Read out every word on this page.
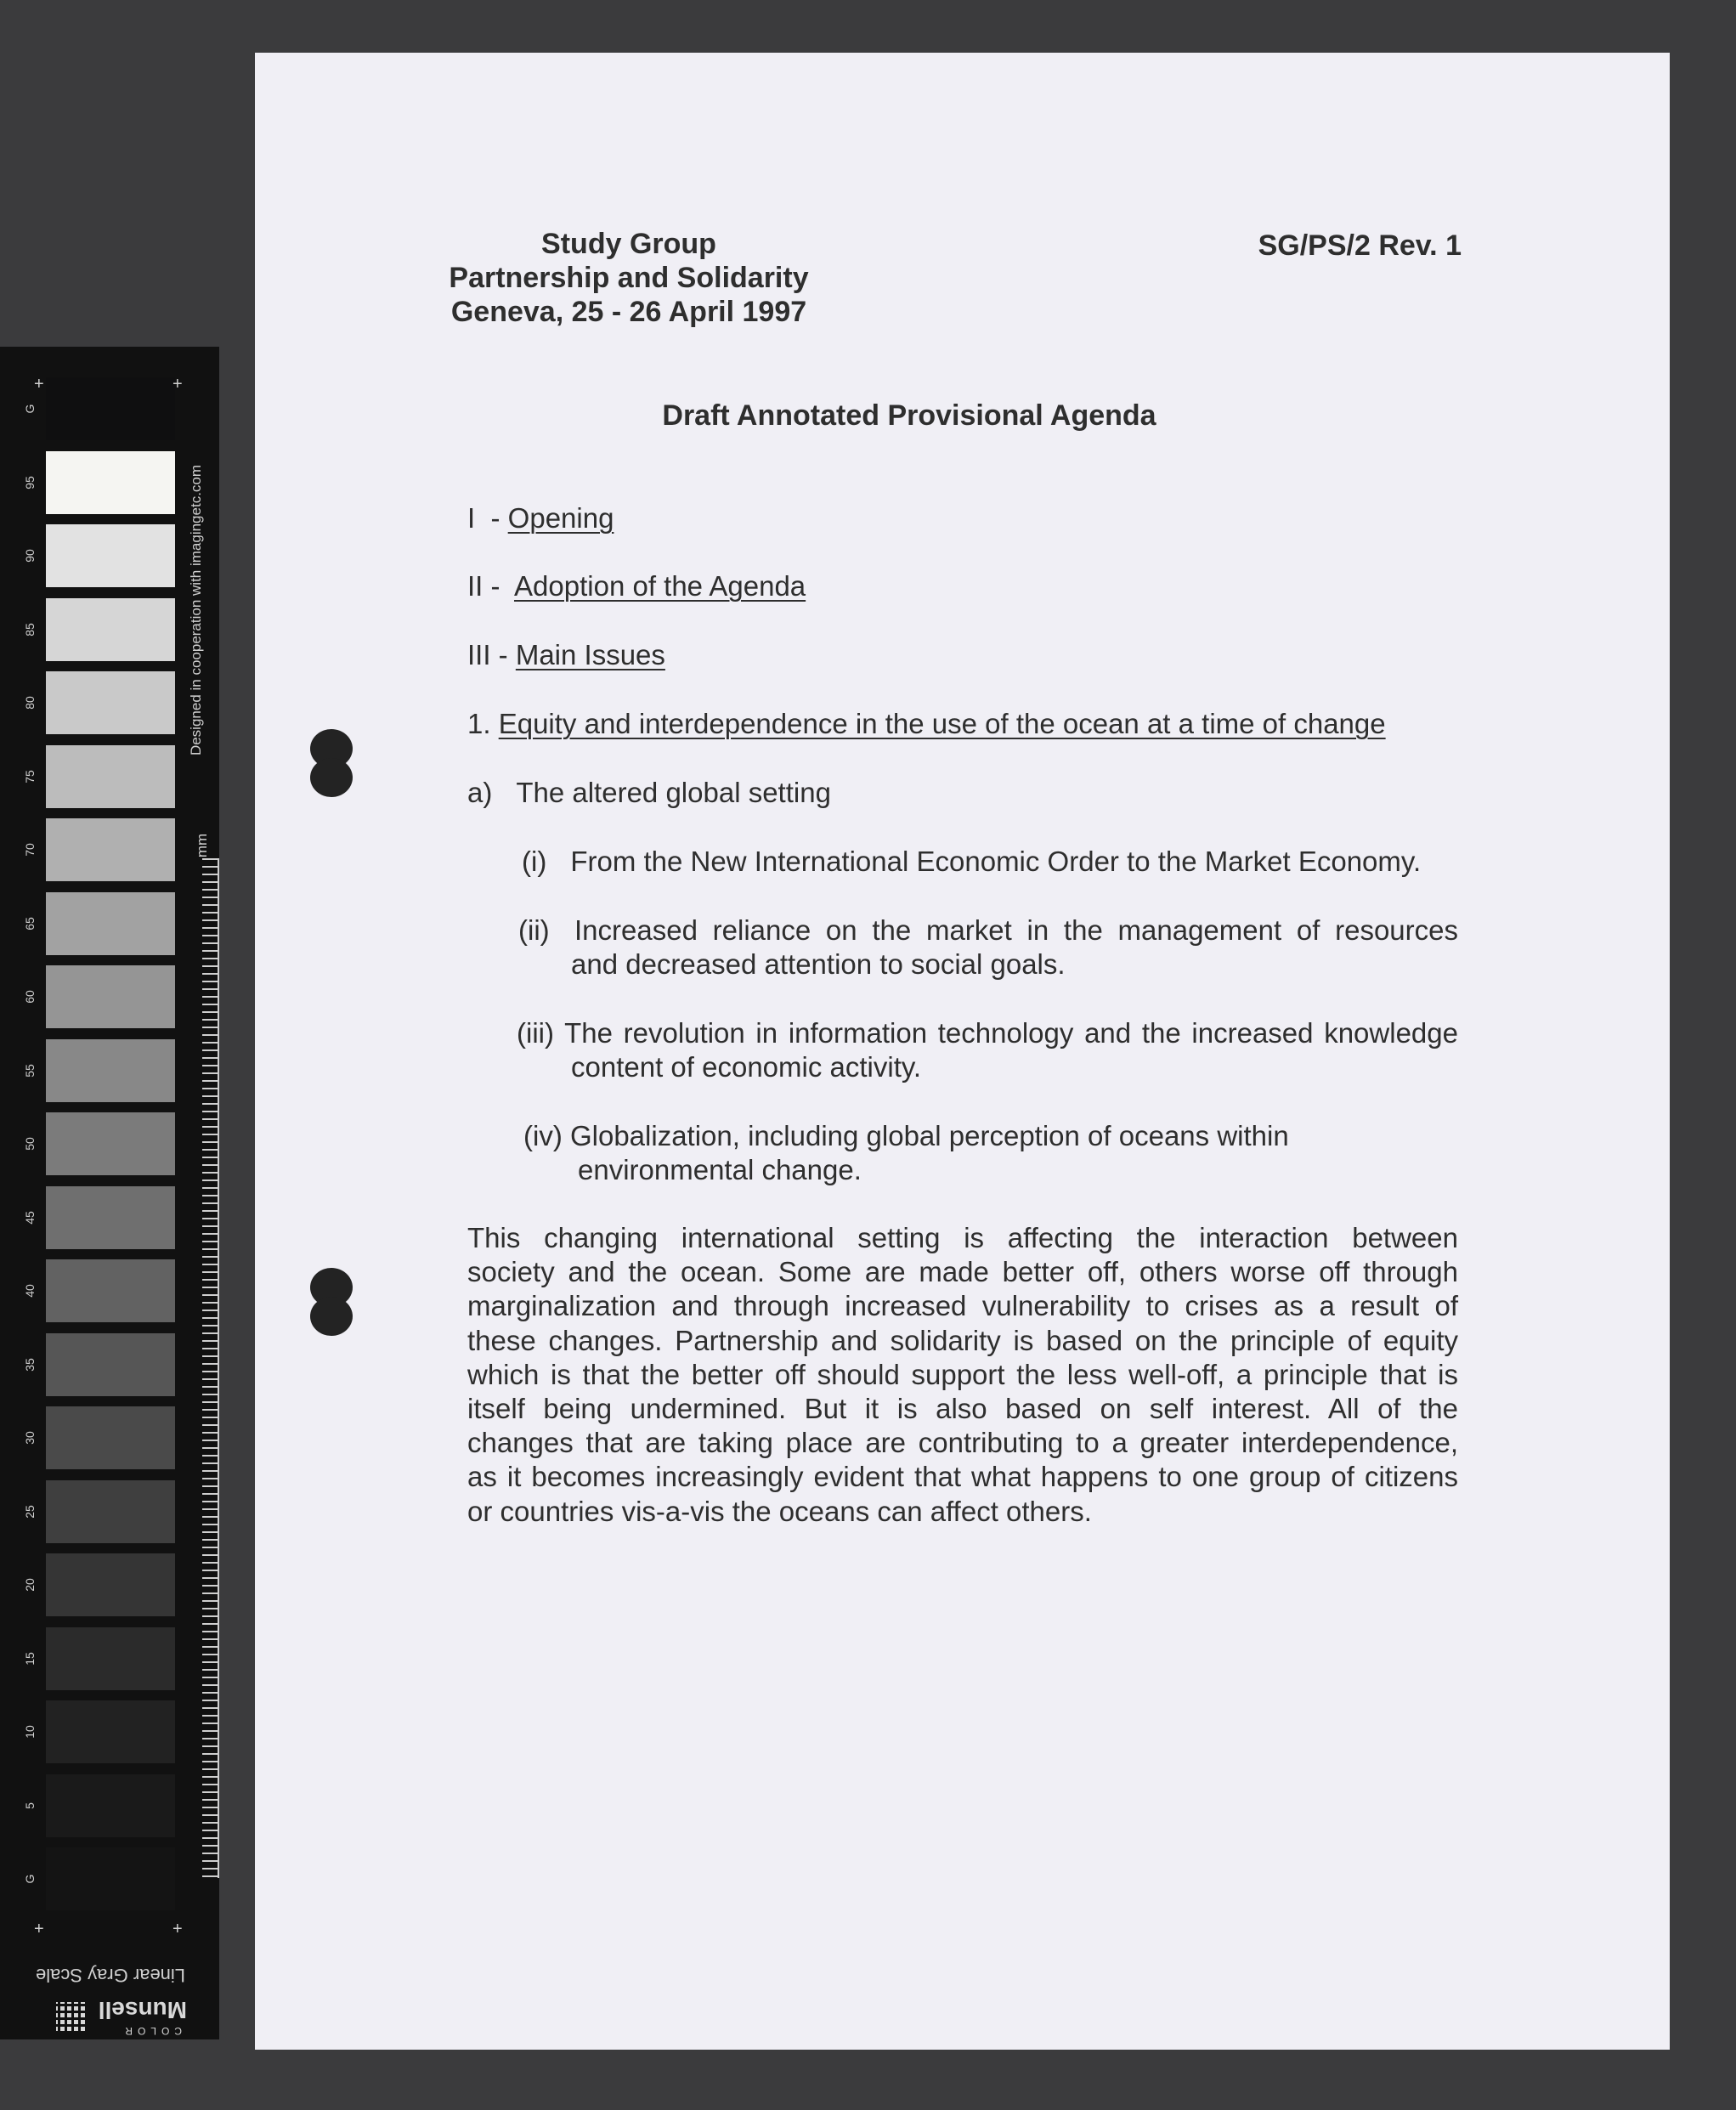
G
95
90
85
80
75
70
65
60
55
50
45
40
35
30
25
20
15
10
5
G
Designed in cooperation with imagingetc.com
mm
+	+
+	+
Linear Gray Scale
COLOR
Munsell
Study Group
Partnership and Solidarity
Geneva, 25 - 26 April 1997
SG/PS/2 Rev. 1
Draft Annotated Provisional Agenda
I  - Opening
II -  Adoption of the Agenda
III - Main Issues
1. Equity and interdependence in the use of the ocean at a time of change
a) The altered global setting
(i) From the New International Economic Order to the Market Economy.
(ii) Increased reliance on the market in the management of resources
and decreased attention to social goals.
(iii) The revolution in information technology and the increased knowledge
content of economic activity.
(iv) Globalization, including global perception of oceans within
environmental change.
This changing international setting is affecting the interaction between
society and the ocean. Some are made better off, others worse off through
marginalization and through increased vulnerability to crises as a result of
these changes. Partnership and solidarity is based on the principle of equity
which is that the better off should support the less well-off, a principle that is
itself being undermined. But it is also based on self interest. All of the
changes that are taking place are contributing to a greater interdependence,
as it becomes increasingly evident that what happens to one group of citizens
or countries vis-a-vis the oceans can affect others.
